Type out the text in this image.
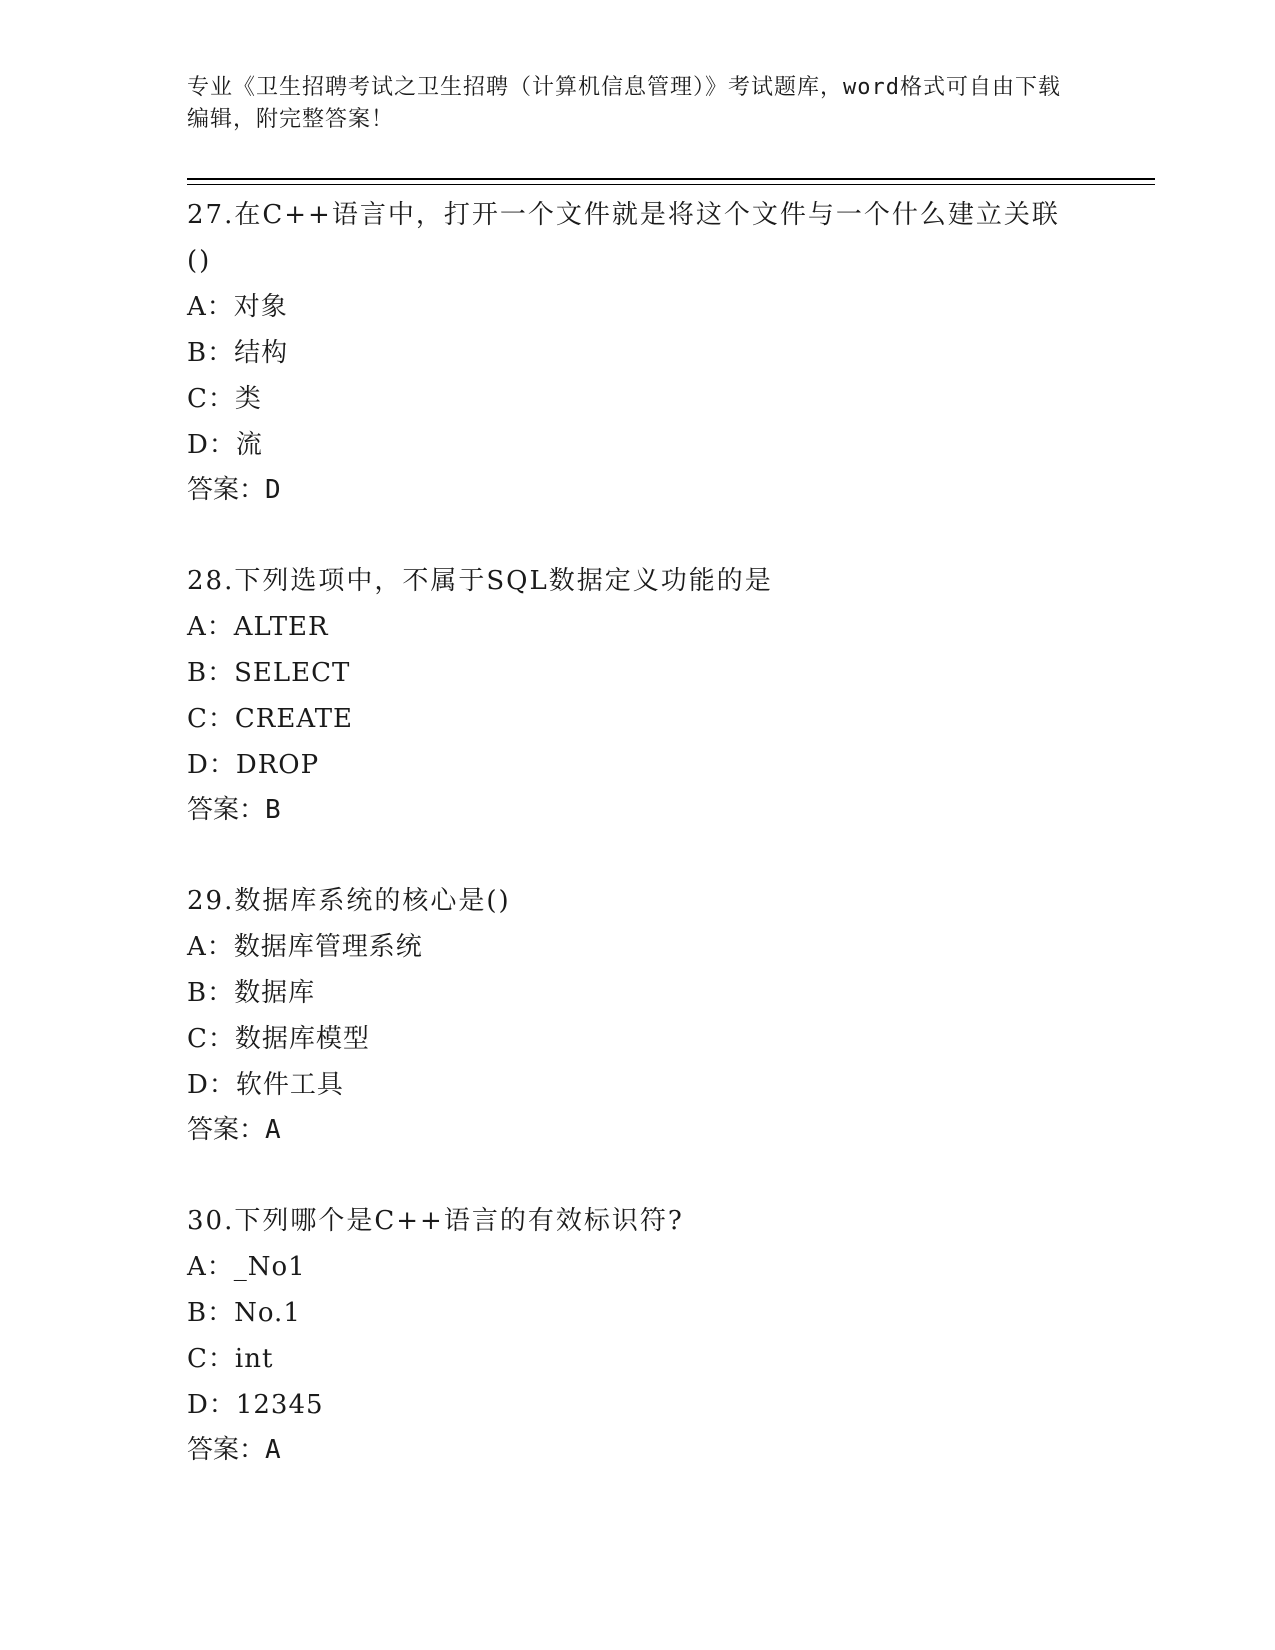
专业《卫生招聘考试之卫生招聘（计算机信息管理）》考试题库，word格式可自由下载编辑，附完整答案！
27.在C++语言中，打开一个文件就是将这个文件与一个什么建立关联()
A：对象
B：结构
C：类
D：流
答案：D
28.下列选项中，不属于SQL数据定义功能的是
A：ALTER
B：SELECT
C：CREATE
D：DROP
答案：B
29.数据库系统的核心是()
A：数据库管理系统
B：数据库
C：数据库模型
D：软件工具
答案：A
30.下列哪个是C++语言的有效标识符?
A：_No1
B：No.1
C：int
D：12345
答案：A
